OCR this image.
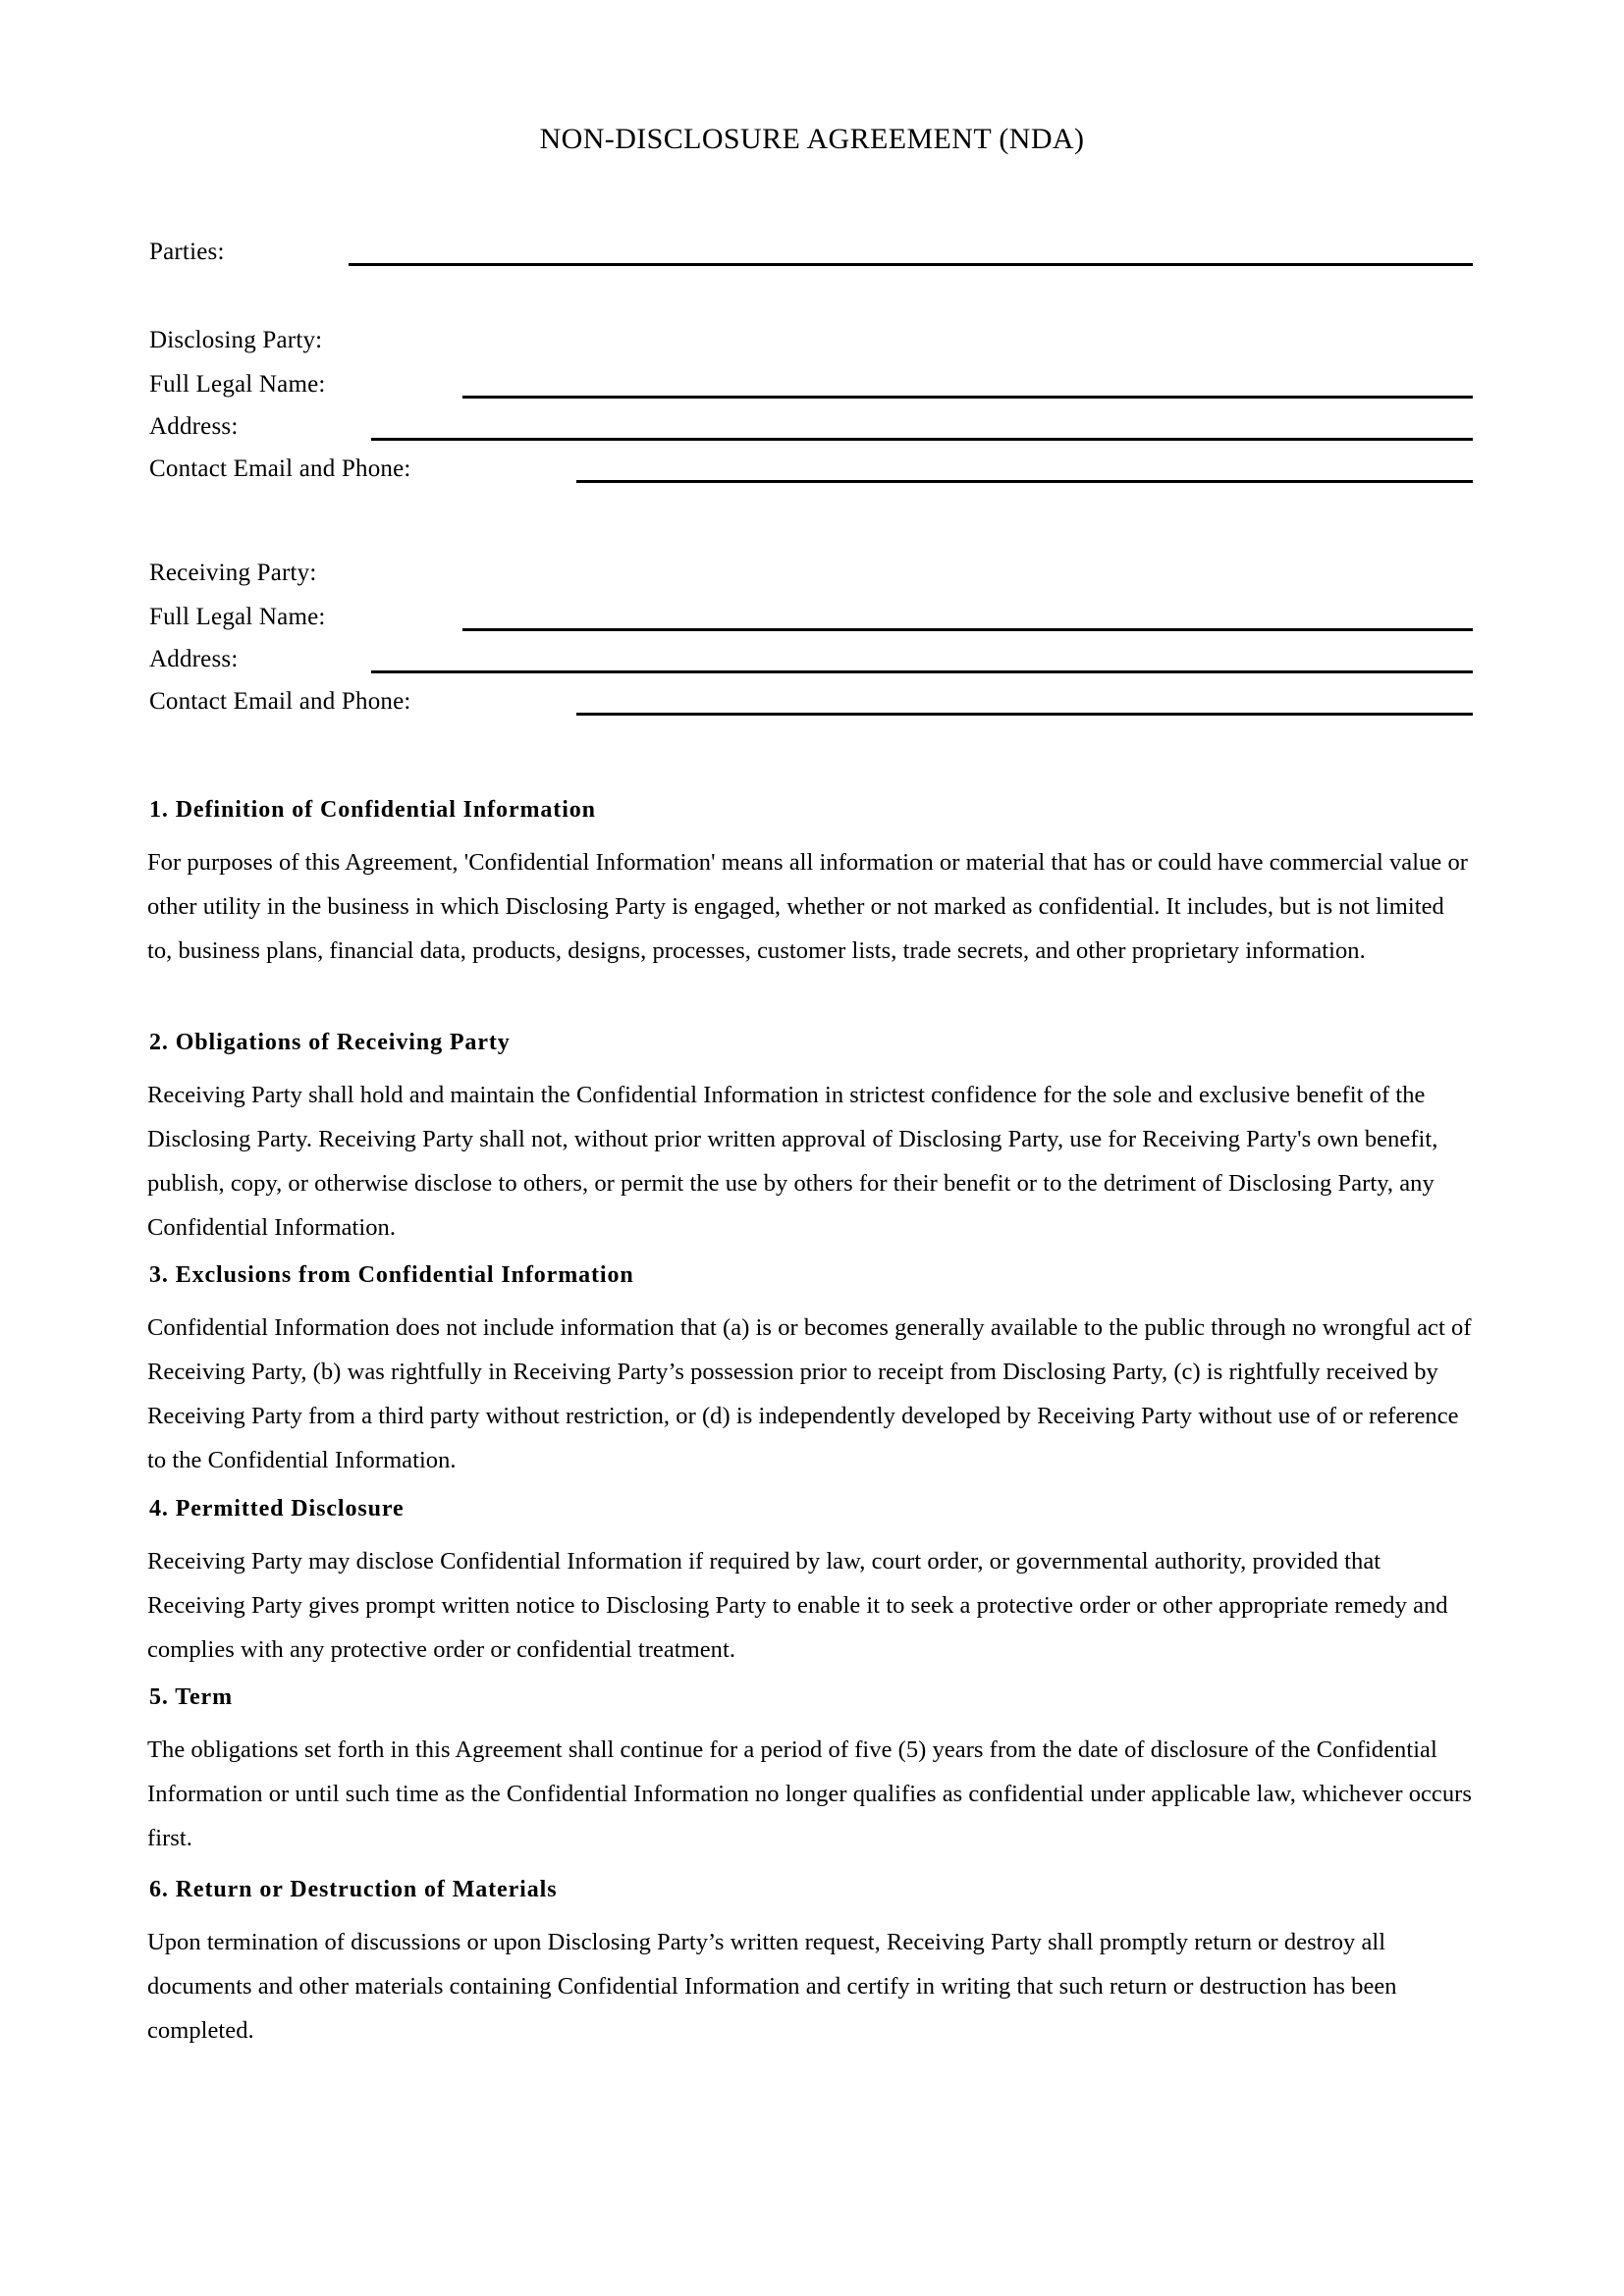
NON-DISCLOSURE AGREEMENT (NDA)
Parties:
Disclosing Party:
Full Legal Name:
Address:
Contact Email and Phone:
Receiving Party:
Full Legal Name:
Address:
Contact Email and Phone:
1. Definition of Confidential Information

For purposes of this Agreement, 'Confidential Information' means all information or material that has or could have commercial value or other utility in the business in which Disclosing Party is engaged, whether or not marked as confidential. It includes, but is not limited to, business plans, financial data, products, designs, processes, customer lists, trade secrets, and other proprietary information.

2. Obligations of Receiving Party

Receiving Party shall hold and maintain the Confidential Information in strictest confidence for the sole and exclusive benefit of the Disclosing Party. Receiving Party shall not, without prior written approval of Disclosing Party, use for Receiving Party's own benefit, publish, copy, or otherwise disclose to others, or permit the use by others for their benefit or to the detriment of Disclosing Party, any Confidential Information.

3. Exclusions from Confidential Information

Confidential Information does not include information that (a) is or becomes generally available to the public through no wrongful act of Receiving Party, (b) was rightfully in Receiving Party’s possession prior to receipt from Disclosing Party, (c) is rightfully received by Receiving Party from a third party without restriction, or (d) is independently developed by Receiving Party without use of or reference to the Confidential Information.

4. Permitted Disclosure

Receiving Party may disclose Confidential Information if required by law, court order, or governmental authority, provided that Receiving Party gives prompt written notice to Disclosing Party to enable it to seek a protective order or other appropriate remedy and complies with any protective order or confidential treatment.

5. Term

The obligations set forth in this Agreement shall continue for a period of five (5) years from the date of disclosure of the Confidential Information or until such time as the Confidential Information no longer qualifies as confidential under applicable law, whichever occurs first.

6. Return or Destruction of Materials

Upon termination of discussions or upon Disclosing Party’s written request, Receiving Party shall promptly return or destroy all documents and other materials containing Confidential Information and certify in writing that such return or destruction has been completed.
